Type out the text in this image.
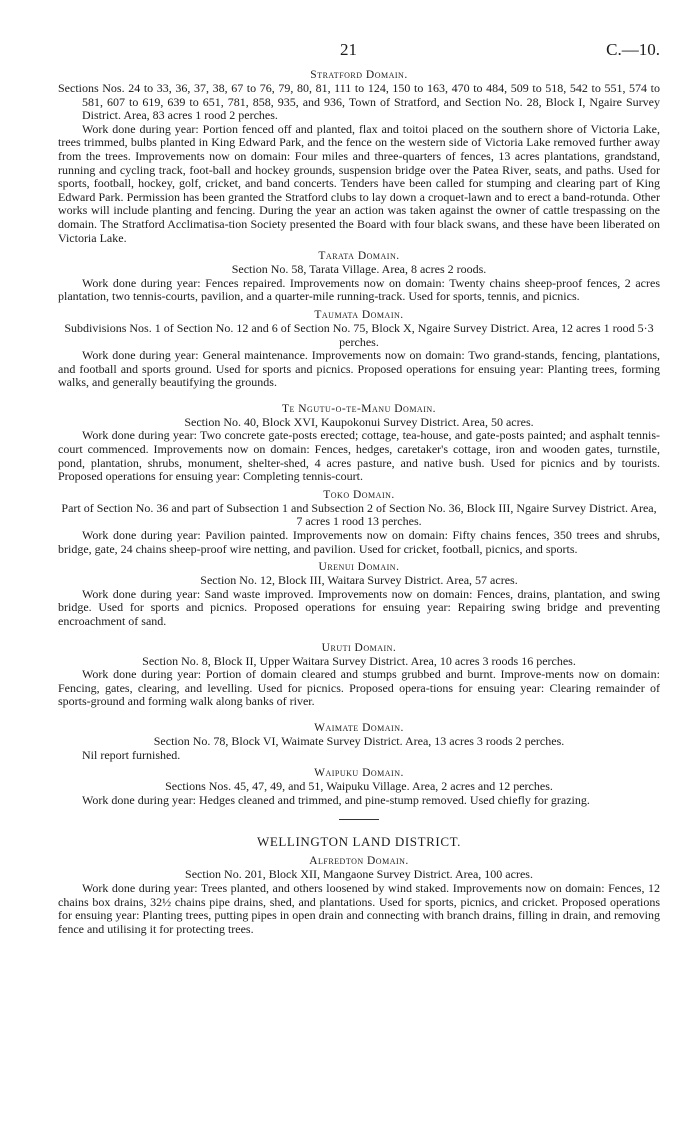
21	C.—10.
Stratford Domain.
Sections Nos. 24 to 33, 36, 37, 38, 67 to 76, 79, 80, 81, 111 to 124, 150 to 163, 470 to 484, 509 to 518, 542 to 551, 574 to 581, 607 to 619, 639 to 651, 781, 858, 935, and 936, Town of Stratford, and Section No. 28, Block I, Ngaire Survey District. Area, 83 acres 1 rood 2 perches.

Work done during year: Portion fenced off and planted, flax and toitoi placed on the southern shore of Victoria Lake, trees trimmed, bulbs planted in King Edward Park, and the fence on the western side of Victoria Lake removed further away from the trees. Improvements now on domain: Four miles and three-quarters of fences, 13 acres plantations, grandstand, running and cycling track, foot-ball and hockey grounds, suspension bridge over the Patea River, seats, and paths. Used for sports, football, hockey, golf, cricket, and band concerts. Tenders have been called for stumping and clearing part of King Edward Park. Permission has been granted the Stratford clubs to lay down a croquet-lawn and to erect a band-rotunda. Other works will include planting and fencing. During the year an action was taken against the owner of cattle trespassing on the domain. The Stratford Acclimatisa-tion Society presented the Board with four black swans, and these have been liberated on Victoria Lake.

Tarata Domain.
Section No. 58, Tarata Village. Area, 8 acres 2 roods.

Work done during year: Fences repaired. Improvements now on domain: Twenty chains sheep-proof fences, 2 acres plantation, two tennis-courts, pavilion, and a quarter-mile running-track. Used for sports, tennis, and picnics.

Taumata Domain.
Subdivisions Nos. 1 of Section No. 12 and 6 of Section No. 75, Block X, Ngaire Survey District. Area, 12 acres 1 rood 5·3 perches.

Work done during year: General maintenance. Improvements now on domain: Two grand-stands, fencing, plantations, and football and sports ground. Used for sports and picnics. Proposed operations for ensuing year: Planting trees, forming walks, and generally beautifying the grounds.

Te Ngutu-o-te-Manu Domain.
Section No. 40, Block XVI, Kaupokonui Survey District. Area, 50 acres.

Work done during year: Two concrete gate-posts erected; cottage, tea-house, and gate-posts painted; and asphalt tennis-court commenced. Improvements now on domain: Fences, hedges, caretaker's cottage, iron and wooden gates, turnstile, pond, plantation, shrubs, monument, shelter-shed, 4 acres pasture, and native bush. Used for picnics and by tourists. Proposed operations for ensuing year: Completing tennis-court.

Toko Domain.
Part of Section No. 36 and part of Subsection 1 and Subsection 2 of Section No. 36, Block III, Ngaire Survey District. Area, 7 acres 1 rood 13 perches.

Work done during year: Pavilion painted. Improvements now on domain: Fifty chains fences, 350 trees and shrubs, bridge, gate, 24 chains sheep-proof wire netting, and pavilion. Used for cricket, football, picnics, and sports.

Urenui Domain.
Section No. 12, Block III, Waitara Survey District. Area, 57 acres.

Work done during year: Sand waste improved. Improvements now on domain: Fences, drains, plantation, and swing bridge. Used for sports and picnics. Proposed operations for ensuing year: Repairing swing bridge and preventing encroachment of sand.

Uruti Domain.
Section No. 8, Block II, Upper Waitara Survey District. Area, 10 acres 3 roods 16 perches.

Work done during year: Portion of domain cleared and stumps grubbed and burnt. Improve-ments now on domain: Fencing, gates, clearing, and levelling. Used for picnics. Proposed opera-tions for ensuing year: Clearing remainder of sports-ground and forming walk along banks of river.

Waimate Domain.
Section No. 78, Block VI, Waimate Survey District. Area, 13 acres 3 roods 2 perches.
Nil report furnished.
Waipuku Domain.
Sections Nos. 45, 47, 49, and 51, Waipuku Village. Area, 2 acres and 12 perches.

Work done during year: Hedges cleaned and trimmed, and pine-stump removed. Used chiefly for grazing.

WELLINGTON LAND DISTRICT.
Alfredton Domain.
Section No. 201, Block XII, Mangaone Survey District. Area, 100 acres.

Work done during year: Trees planted, and others loosened by wind staked. Improvements now on domain: Fences, 12 chains box drains, 32½ chains pipe drains, shed, and plantations. Used for sports, picnics, and cricket. Proposed operations for ensuing year: Planting trees, putting pipes in open drain and connecting with branch drains, filling in drain, and removing fence and utilising it for protecting trees.
